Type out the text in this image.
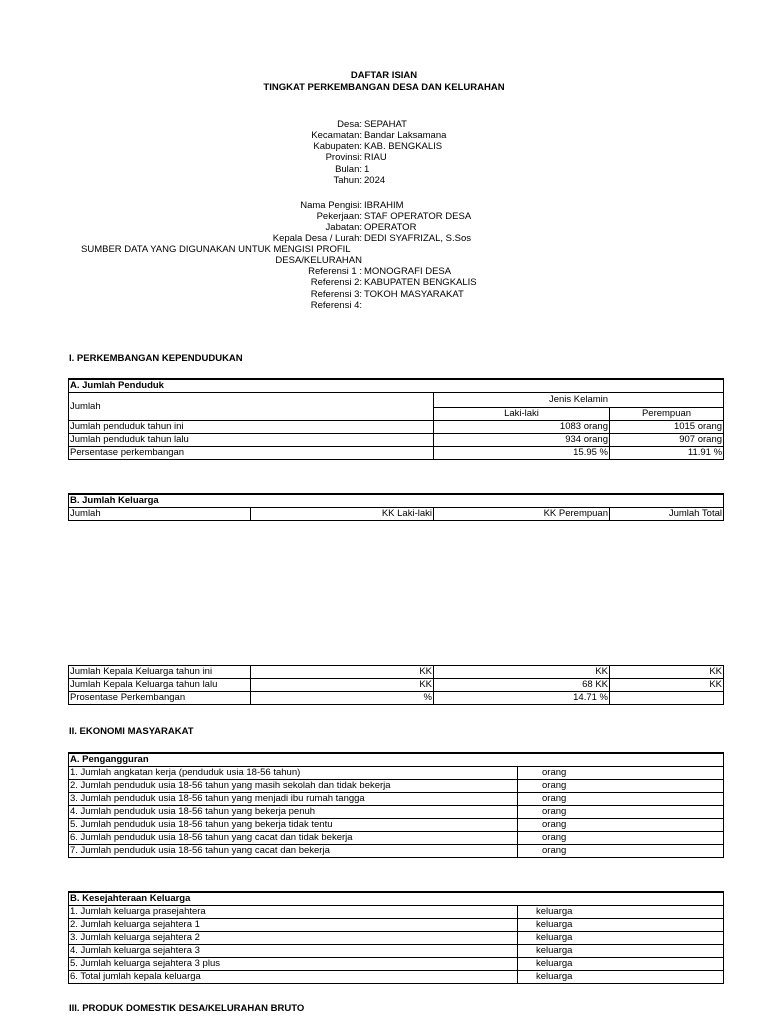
DAFTAR ISIAN
TINGKAT PERKEMBANGAN DESA DAN KELURAHAN
Desa: SEPAHAT
Kecamatan: Bandar Laksamana
Kabupaten: KAB. BENGKALIS
Provinsi: RIAU
Bulan: 1
Tahun: 2024
Nama Pengisi: IBRAHIM
Pekerjaan: STAF OPERATOR DESA
Jabatan: OPERATOR
Kepala Desa / Lurah: DEDI SYAFRIZAL, S.Sos
SUMBER DATA YANG DIGUNAKAN UNTUK MENGISI PROFIL
DESA/KELURAHAN
Referensi 1 : MONOGRAFI DESA
Referensi 2: KABUPATEN BENGKALIS
Referensi 3: TOKOH MASYARAKAT
Referensi 4:
I. PERKEMBANGAN KEPENDUDUKAN
A. Jumlah Penduduk		
Jumlah	Jenis Kelamin	
	Laki-laki	Perempuan
Jumlah penduduk tahun ini	1083 orang	1015 orang
Jumlah penduduk tahun lalu	934 orang	907 orang
Persentase perkembangan	15.95 %	11.91 %
B. Jumlah Keluarga
Jumlah	KK Laki-laki	KK Perempuan	Jumlah Total
Jumlah Kepala Keluarga tahun ini	KK	KK	KK
Jumlah Kepala Keluarga tahun lalu	KK	68 KK	KK
Prosentase Perkembangan	%	14.71 %	
II. EKONOMI MASYARAKAT
A. Pengangguran	
1. Jumlah angkatan kerja (penduduk usia 18-56 tahun)	orang
2. Jumlah penduduk usia 18-56 tahun yang masih sekolah dan tidak bekerja	orang
3. Jumlah penduduk usia 18-56 tahun yang menjadi ibu rumah tangga	orang
4. Jumlah penduduk usia 18-56 tahun yang bekerja penuh	orang
5. Jumlah penduduk usia 18-56 tahun yang bekerja tidak tentu	orang
6. Jumlah penduduk usia 18-56 tahun yang cacat dan tidak bekerja	orang
7. Jumlah penduduk usia 18-56 tahun yang cacat dan bekerja	orang
B. Kesejahteraan Keluarga	
1. Jumlah keluarga prasejahtera	keluarga
2. Jumlah keluarga sejahtera 1	keluarga
3. Jumlah keluarga sejahtera 2	keluarga
4. Jumlah keluarga sejahtera 3	keluarga
5. Jumlah keluarga sejahtera 3 plus	keluarga
6. Total jumlah kepala keluarga	keluarga
III. PRODUK DOMESTIK DESA/KELURAHAN BRUTO
